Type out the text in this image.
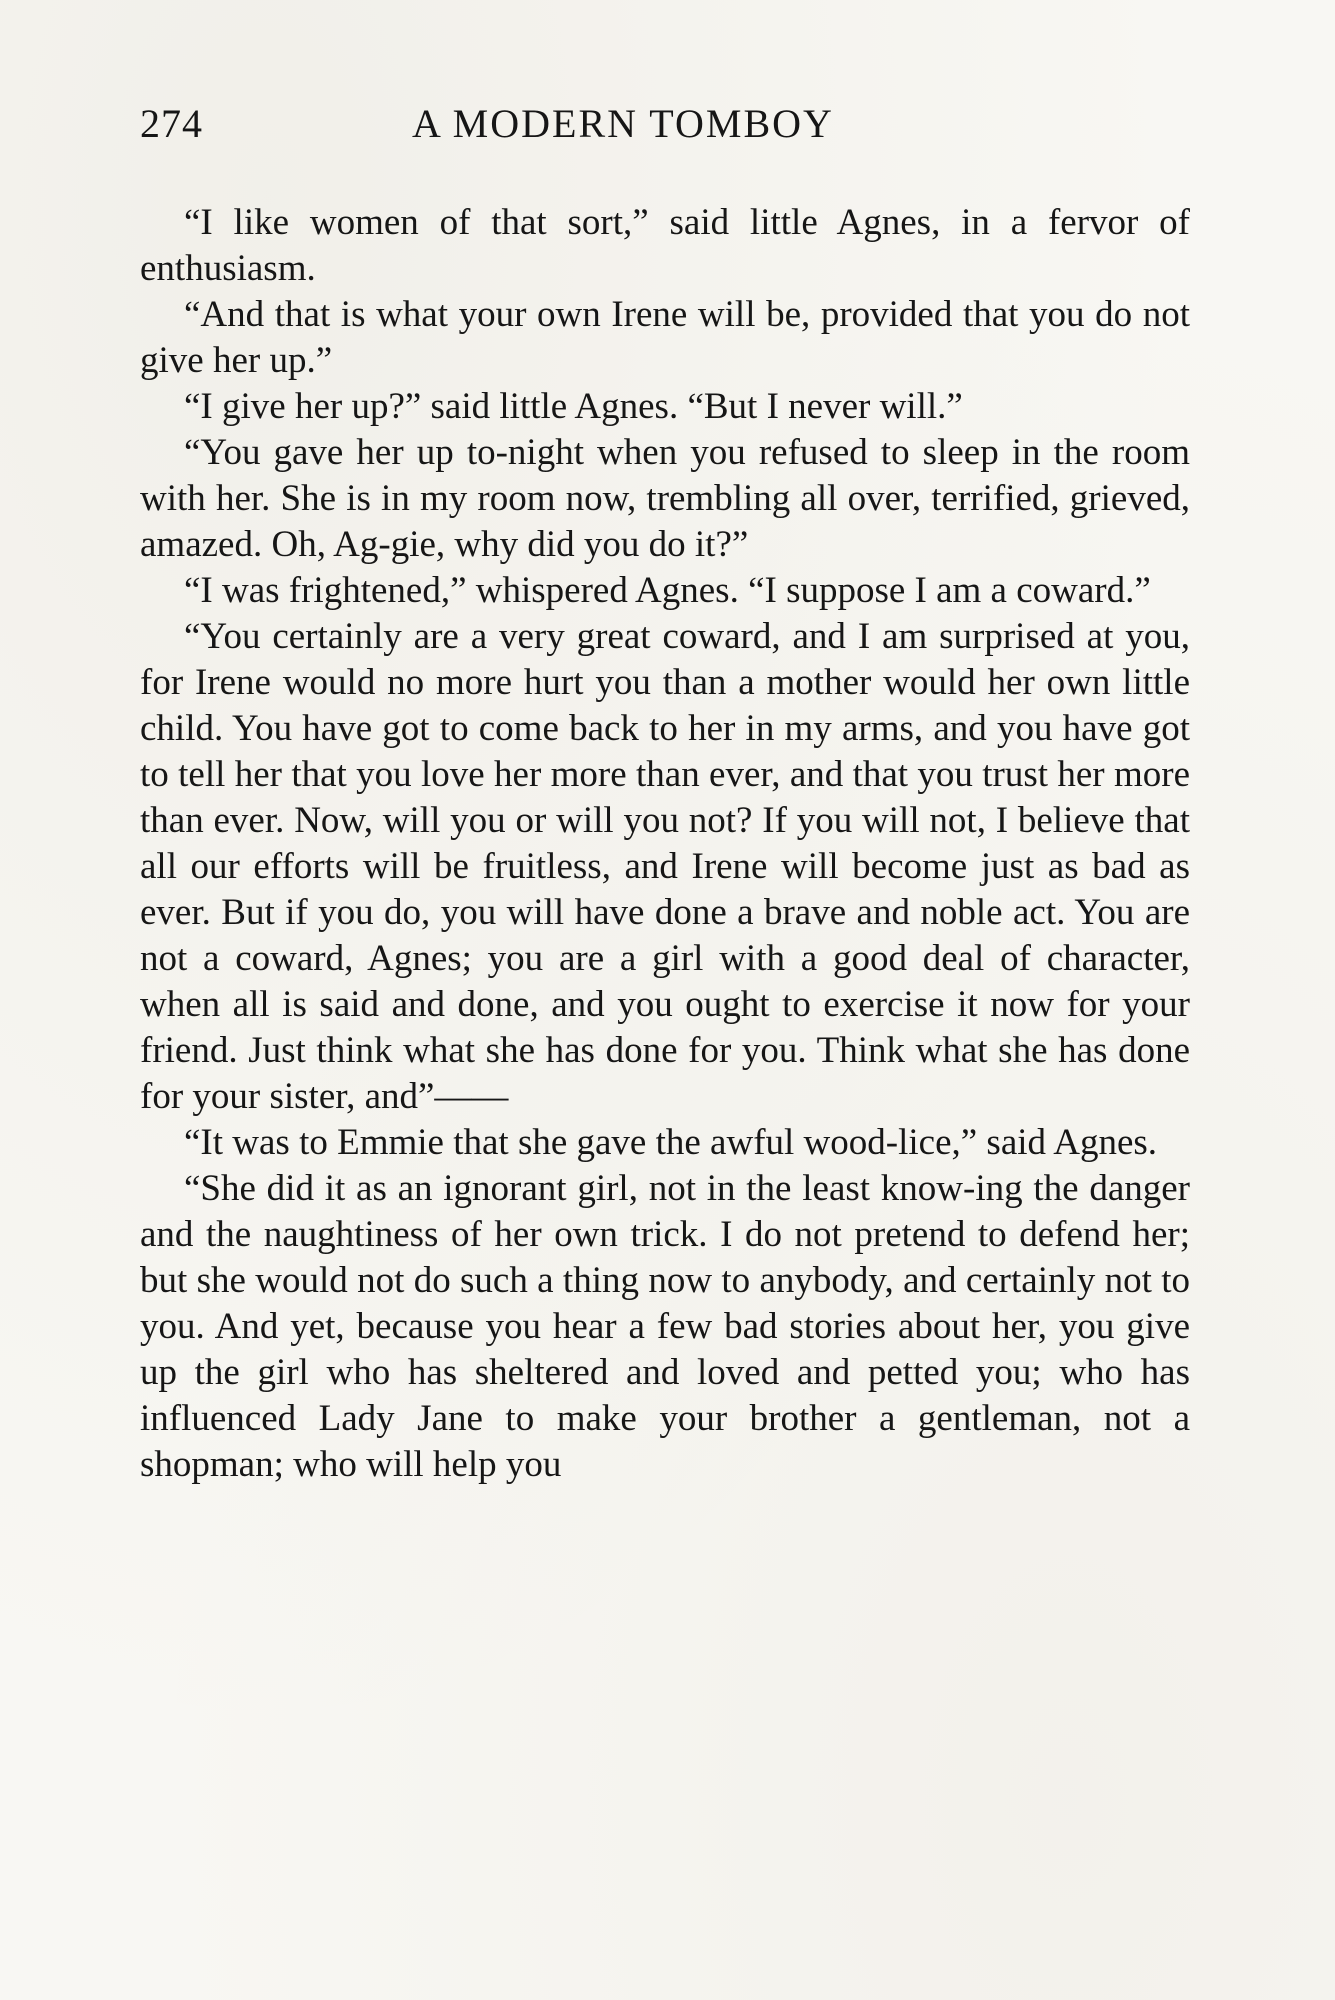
274	A MODERN TOMBOY

“I like women of that sort,” said little Agnes, in a fervor of enthusiasm.

“And that is what your own Irene will be, provided that you do not give her up.”

“I give her up?” said little Agnes. “But I never will.”

“You gave her up to-night when you refused to sleep in the room with her. She is in my room now, trembling all over, terrified, grieved, amazed. Oh, Ag-gie, why did you do it?”

“I was frightened,” whispered Agnes. “I suppose I am a coward.”

“You certainly are a very great coward, and I am surprised at you, for Irene would no more hurt you than a mother would her own little child. You have got to come back to her in my arms, and you have got to tell her that you love her more than ever, and that you trust her more than ever. Now, will you or will you not? If you will not, I believe that all our efforts will be fruitless, and Irene will become just as bad as ever. But if you do, you will have done a brave and noble act. You are not a coward, Agnes; you are a girl with a good deal of character, when all is said and done, and you ought to exercise it now for your friend. Just think what she has done for you. Think what she has done for your sister, and”——

“It was to Emmie that she gave the awful wood-lice,” said Agnes.

“She did it as an ignorant girl, not in the least know-ing the danger and the naughtiness of her own trick. I do not pretend to defend her; but she would not do such a thing now to anybody, and certainly not to you. And yet, because you hear a few bad stories about her, you give up the girl who has sheltered and loved and petted you; who has influenced Lady Jane to make your brother a gentleman, not a shopman; who will help you
